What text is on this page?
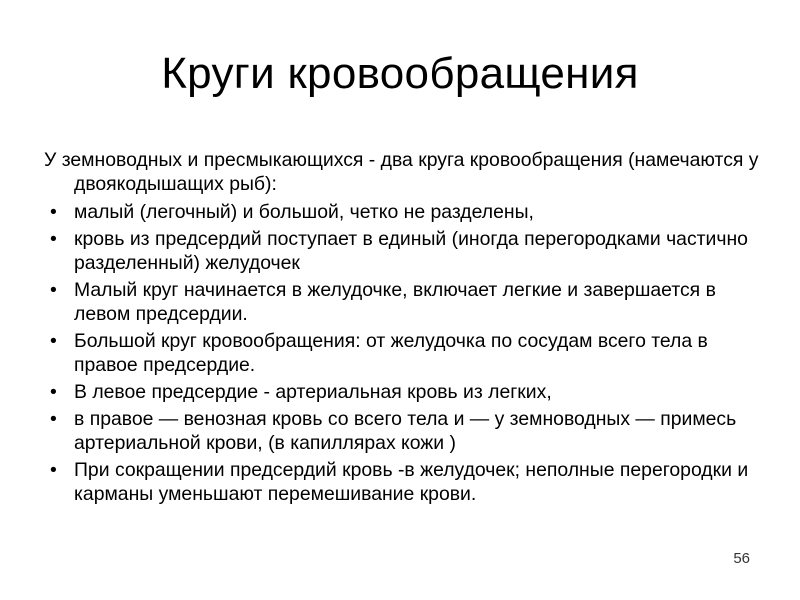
Круги кровообращения

У земноводных и пресмыкающихся - два круга кровообращения (намечаются у двоякодышащих рыб):

• малый (легочный) и большой, четко не разделены,
• кровь из предсердий поступает в единый (иногда перегородками частично разделенный) желудочек
• Малый круг начинается в желудочке, включает легкие и завершается в левом предсердии.
• Большой круг кровообращения: от желудочка по сосудам всего тела в правое предсердие.
• В левое предсердие - артериальная кровь из легких,
• в правое — венозная кровь со всего тела и — у земноводных — примесь артериальной крови, (в капиллярах кожи )
• При сокращении предсердий кровь -в желудочек; неполные перегородки и карманы уменьшают перемешивание крови.
56
